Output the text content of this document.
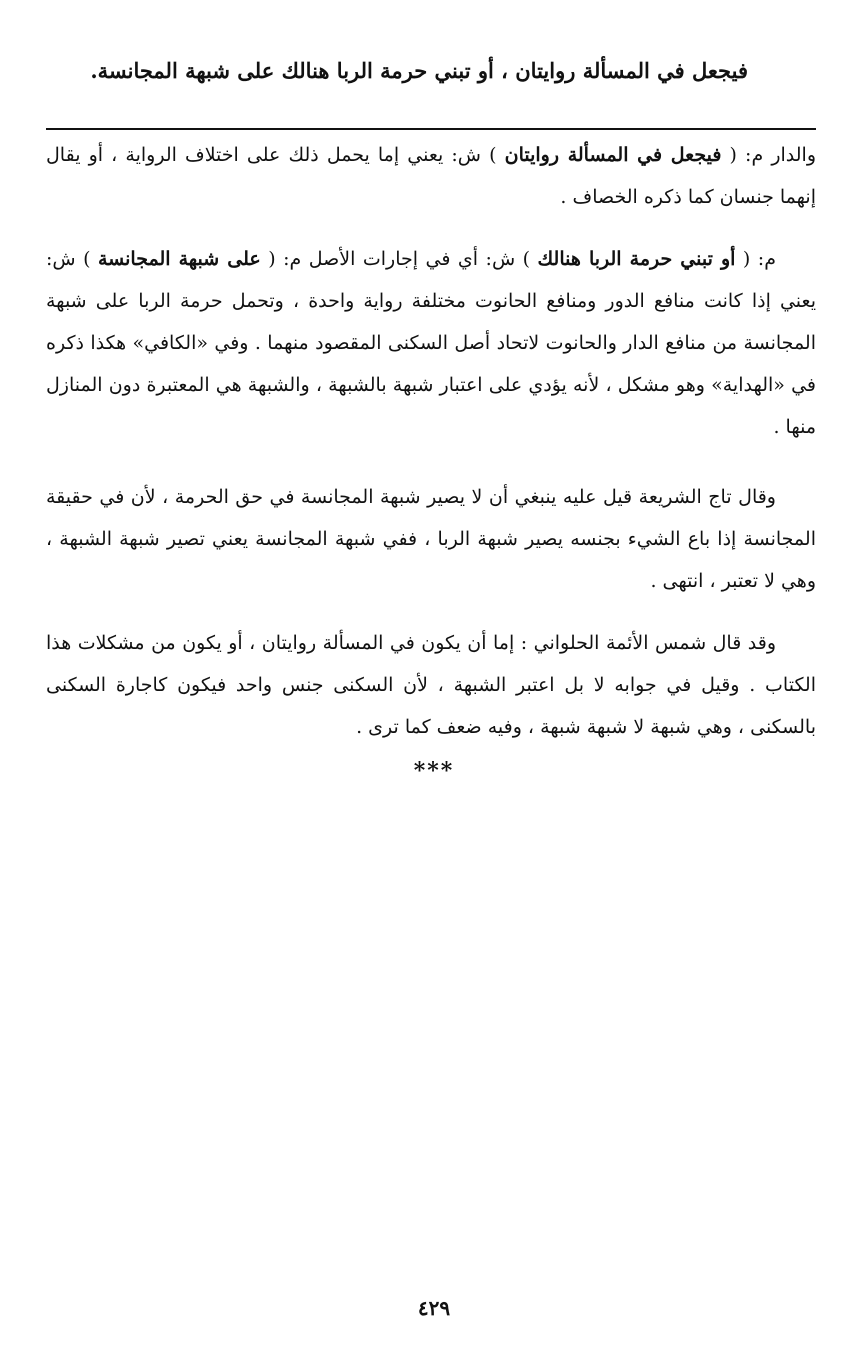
فيجعل في المسألة روايتان ، أو تبني حرمة الربا هنالك على شبهة المجانسة.

والدار م: ( فيجعل في المسألة روايتان ) ش: يعني إما يحمل ذلك على اختلاف الرواية ، أو يقال إنهما جنسان كما ذكره الخصاف .

م: ( أو تبني حرمة الربا هنالك ) ش: أي في إجارات الأصل م: ( على شبهة المجانسة ) ش: يعني إذا كانت منافع الدور ومنافع الحانوت مختلفة رواية واحدة ، وتحمل حرمة الربا على شبهة المجانسة من منافع الدار والحانوت لاتحاد أصل السكنى المقصود منهما . وفي «الكافي» هكذا ذكره في «الهداية» وهو مشكل ، لأنه يؤدي على اعتبار شبهة بالشبهة ، والشبهة هي المعتبرة دون المنازل منها .

وقال تاج الشريعة قيل عليه ينبغي أن لا يصير شبهة المجانسة في حق الحرمة ، لأن في حقيقة المجانسة إذا باع الشيء بجنسه يصير شبهة الربا ، ففي شبهة المجانسة يعني تصير شبهة الشبهة ، وهي لا تعتبر ، انتهى .

وقد قال شمس الأئمة الحلواني : إما أن يكون في المسألة روايتان ، أو يكون من مشكلات هذا الكتاب . وقيل في جوابه لا بل اعتبر الشبهة ، لأن السكنى جنس واحد فيكون كاجارة السكنى بالسكنى ، وهي شبهة لا شبهة شبهة ، وفيه ضعف كما ترى .

***
٤٢٩
